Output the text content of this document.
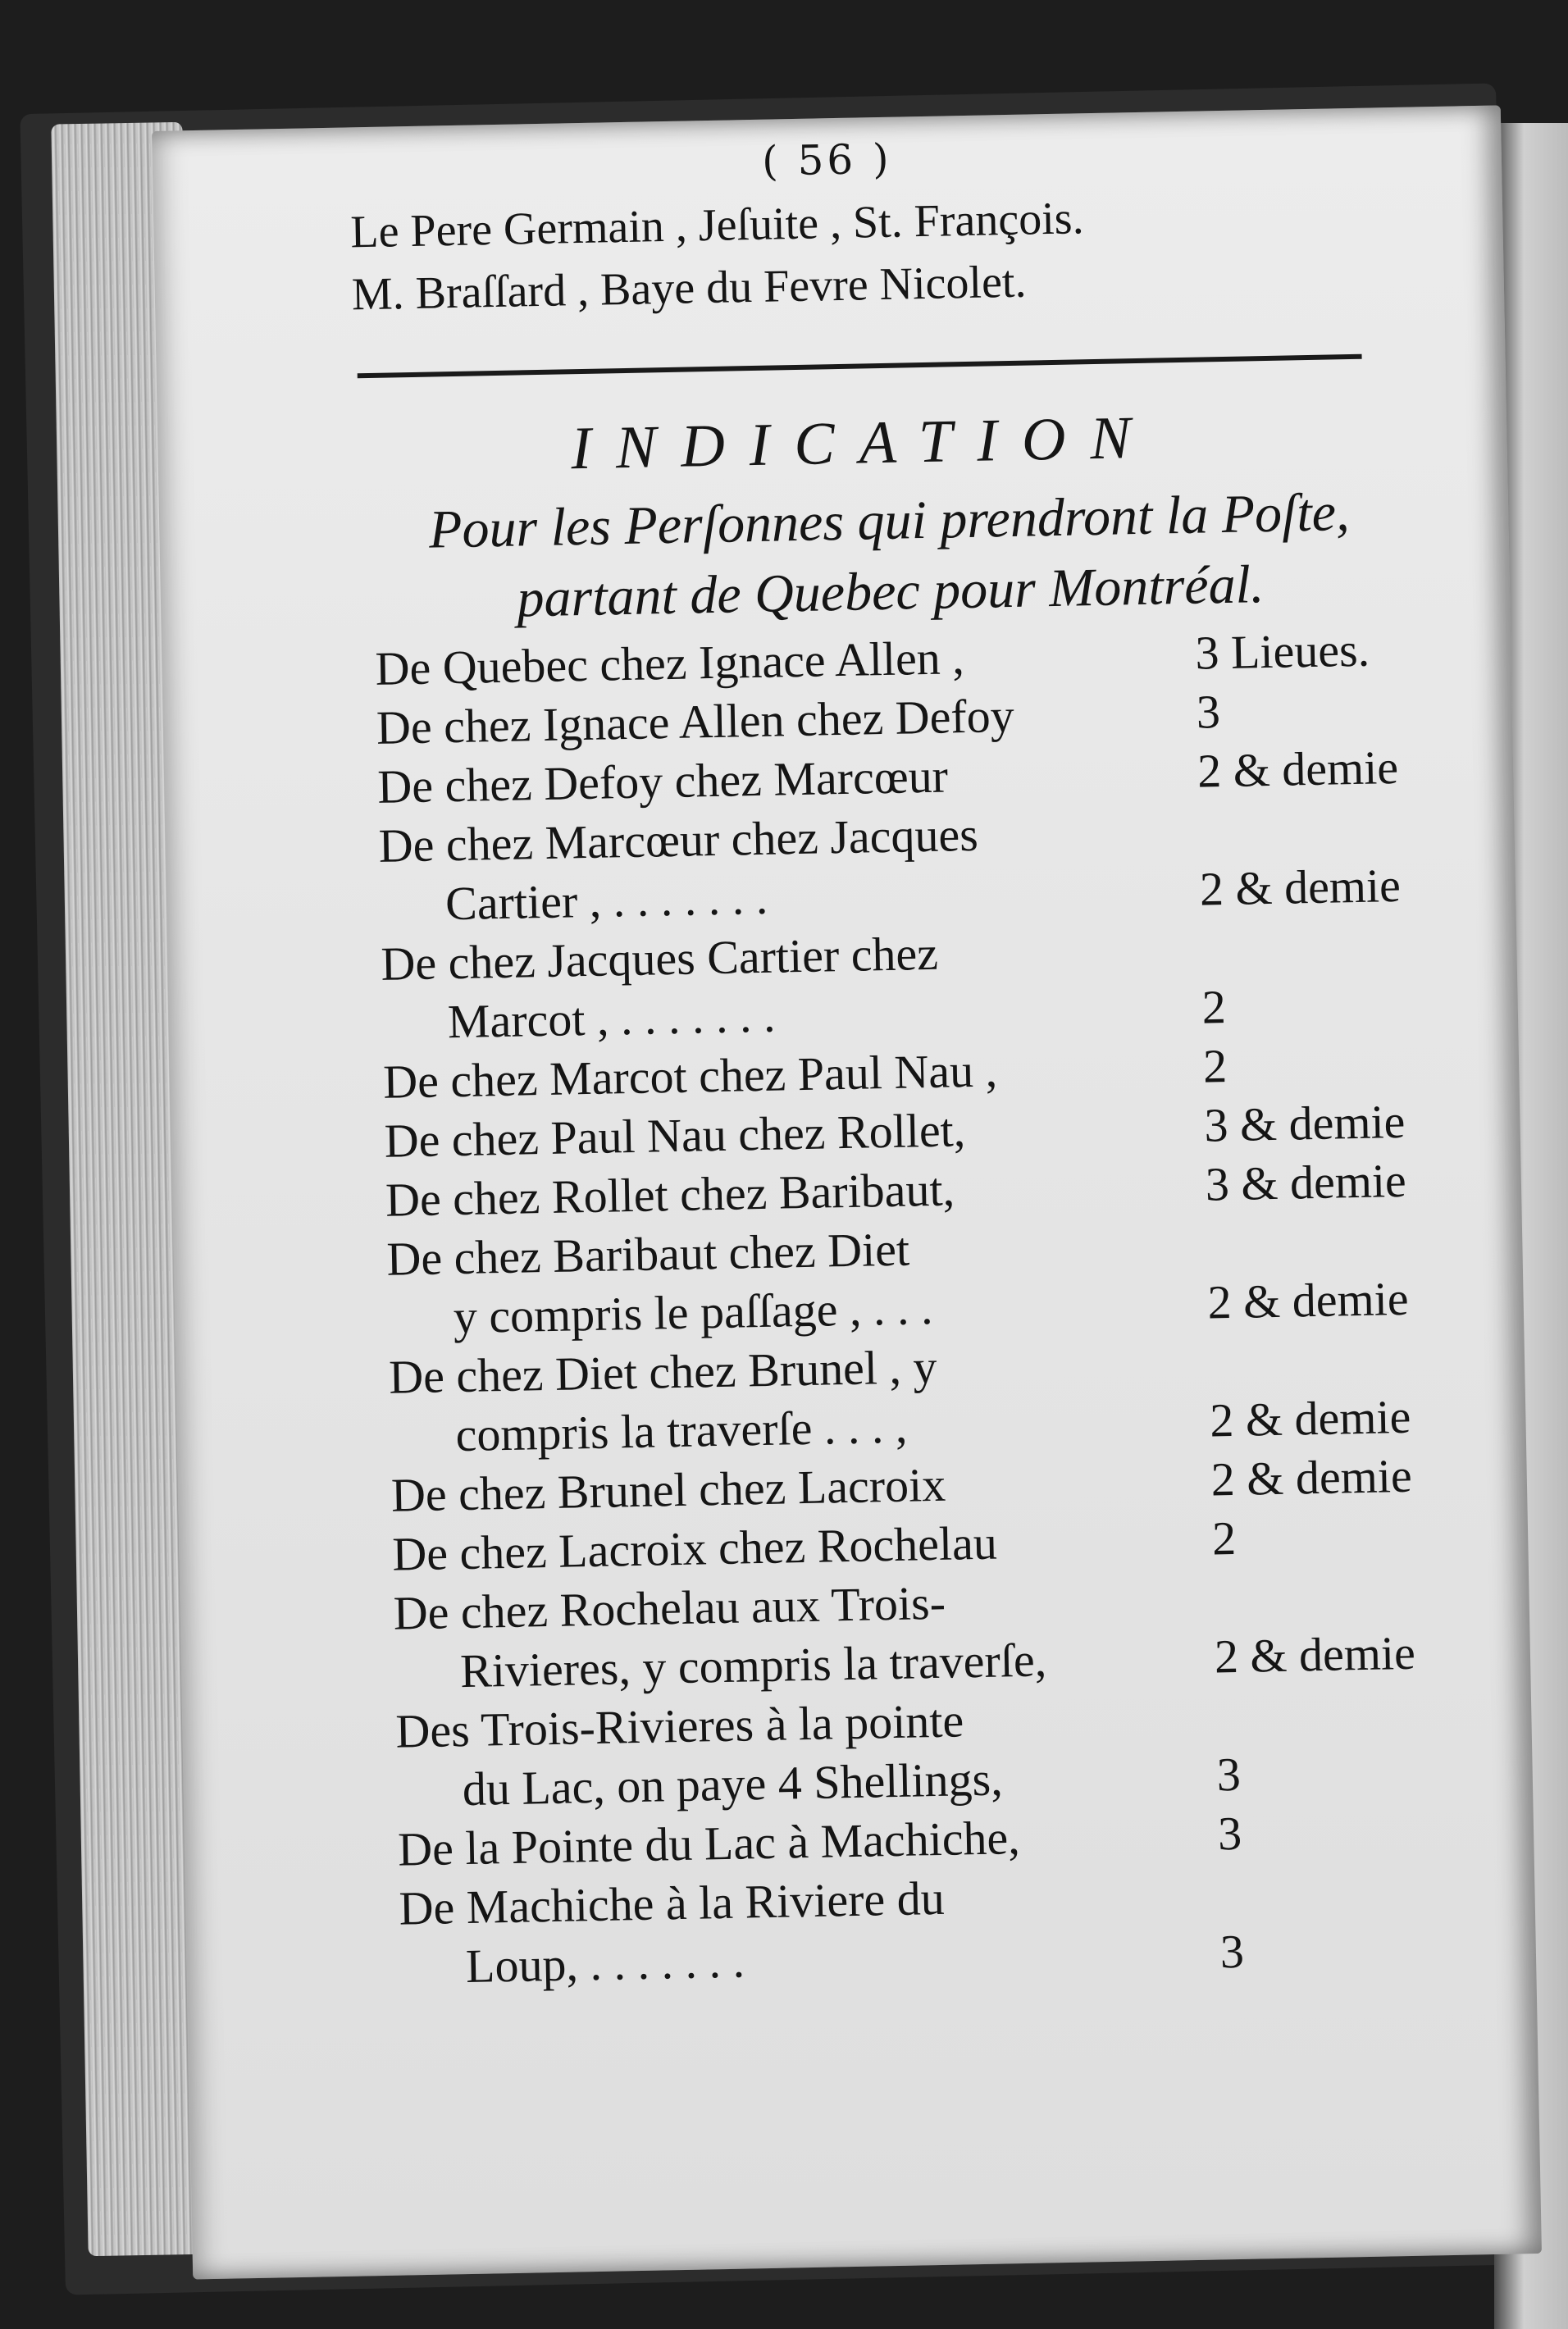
( 56 )
Le Pere Germain , Jeſuite , St. François.
M. Braſſard , Baye du Fevre Nicolet.
INDICATION
Pour les Perſonnes qui prendront la Poſte,
partant de Quebec pour Montréal.
De Quebec chez Ignace Allen ,	3 Lieues.
De chez Ignace Allen chez Defoy	3
De chez Defoy chez Marcœur	2 & demie
De chez Marcœur chez Jacques
Cartier , . . . . . . .	2 & demie
De chez Jacques Cartier chez
Marcot , . . . . . . .	2
De chez Marcot chez Paul Nau ,	2
De chez Paul Nau chez Rollet,	3 & demie
De chez Rollet chez Baribaut,	3 & demie
De chez Baribaut chez Diet
y compris le paſſage , . . .	2 & demie
De chez Diet chez Brunel , y
compris la traverſe . . . ,	2 & demie
De chez Brunel chez Lacroix	2 & demie
De chez Lacroix chez Rochelau	2
De chez Rochelau aux Trois-
Rivieres, y compris la traverſe,	2 & demie
Des Trois-Rivieres à la pointe
du Lac, on paye 4 Shellings,	3
De la Pointe du Lac à Machiche,	3
De Machiche à la Riviere du
Loup, . . . . . . .	3
